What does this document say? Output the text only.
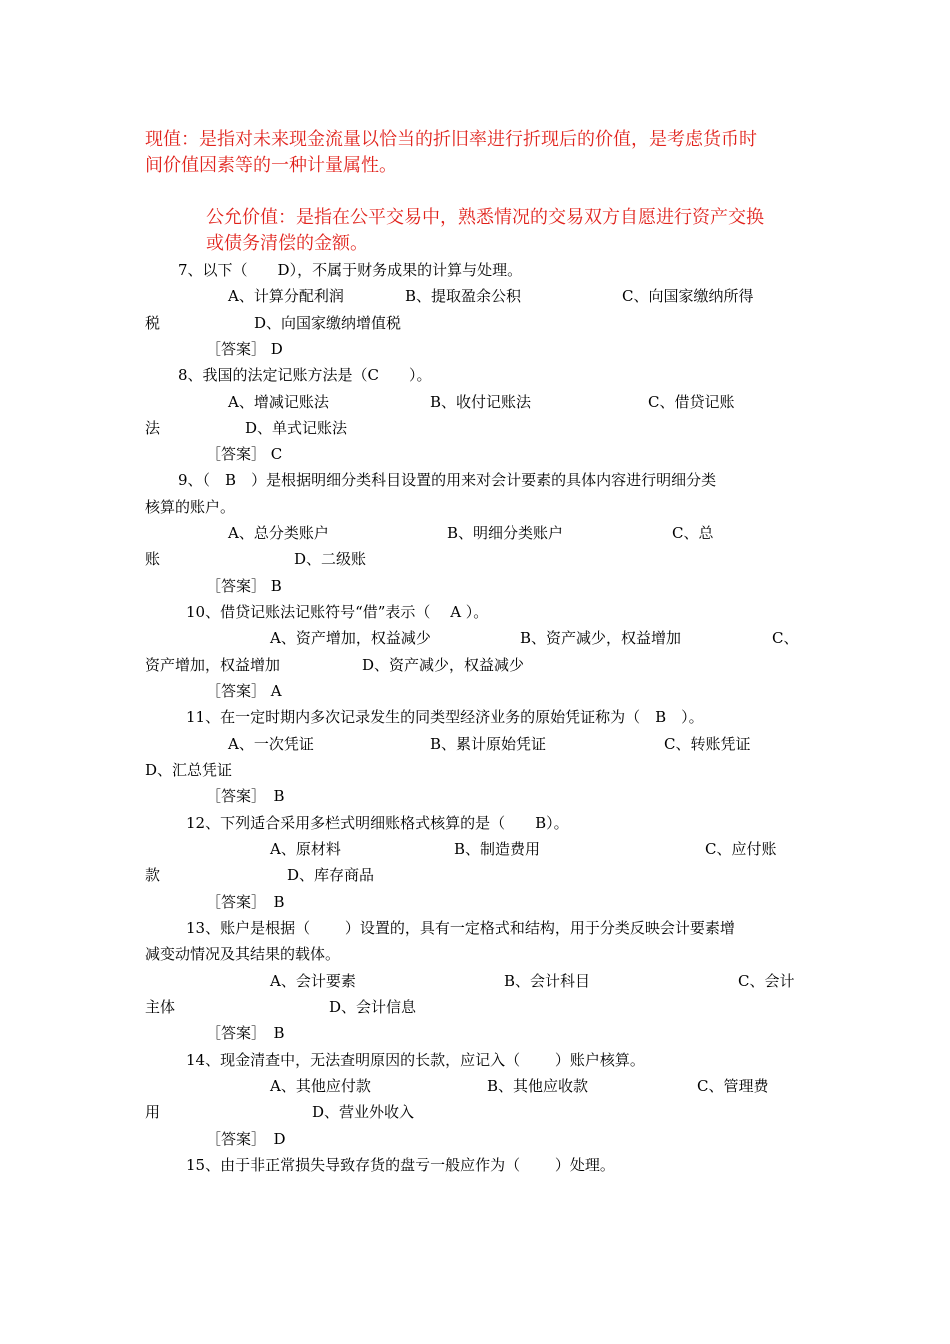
现值：是指对未来现金流量以恰当的折旧率进行折现后的价值，是考虑货币时
间价值因素等的一种计量属性。
公允价值：是指在公平交易中，熟悉情况的交易双方自愿进行资产交换
或债务清偿的金额。
7、以下（　　D），不属于财务成果的计算与处理。
A、计算分配利润	B、提取盈余公积	C、向国家缴纳所得
税	D、向国家缴纳增值税
［答案］ D
8、我国的法定记账方法是（C　　）。
A、增减记账法	B、收付记账法	C、借贷记账
法	D、单式记账法
［答案］ C
9、（　B　）是根据明细分类科目设置的用来对会计要素的具体内容进行明细分类
核算的账户。
A、总分类账户	B、明细分类账户	C、总
账	D、二级账
［答案］ B
10、借贷记账法记账符号“借”表示（　 A ）。
A、资产增加，权益减少	B、资产减少，权益增加	C、
资产增加，权益增加	D、资产减少，权益减少
［答案］ A
11、在一定时期内多次记录发生的同类型经济业务的原始凭证称为（　B　）。
A、一次凭证	B、累计原始凭证	C、转账凭证
D、汇总凭证
［答案］　B
12、下列适合采用多栏式明细账格式核算的是（　　B）。
A、原材料	B、制造费用	C、应付账
款	D、库存商品
［答案］　B
13、账户是根据（　　 ）设置的，具有一定格式和结构，用于分类反映会计要素增
减变动情况及其结果的载体。
A、会计要素	B、会计科目	C、会计
主体	D、会计信息
［答案］　B
14、现金清查中，无法查明原因的长款，应记入（　　 ）账户核算。
A、其他应付款	B、其他应收款	C、管理费
用	D、营业外收入
［答案］　D
15、由于非正常损失导致存货的盘亏一般应作为（　　 ）处理。
